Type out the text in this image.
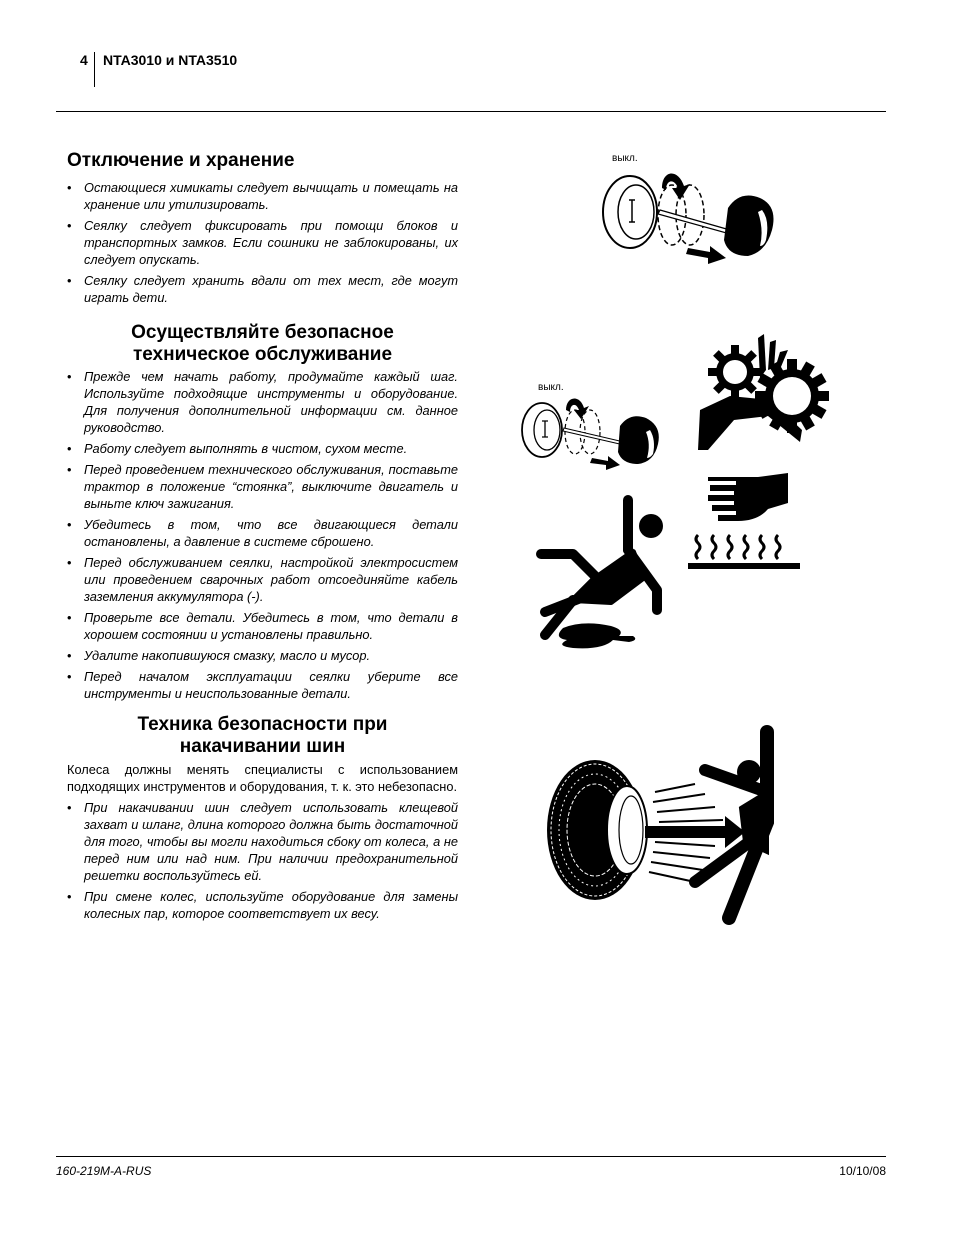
4 NTA3010 и NTA3510
Отключение и хранение
• Остающиеся химикаты следует вычищать и помещать на хранение или утилизировать.
• Сеялку следует фиксировать при помощи блоков и транспортных замков. Если сошники не заблокированы, их следует опускать.
• Сеялку следует хранить вдали от тех мест, где могут играть дети.
Осуществляйте безопасное
техническое обслуживание
• Прежде чем начать работу, продумайте каждый шаг. Используйте подходящие инструменты и оборудование. Для получения дополнительной информации см. данное руководство.
• Работу следует выполнять в чистом, сухом месте.
• Перед проведением технического обслуживания, поставьте трактор в положение “стоянка”, выключите двигатель и выньте ключ зажигания.
• Убедитесь в том, что все двигающиеся детали остановлены, а давление в системе сброшено.
• Перед обслуживанием сеялки, настройкой электросистем или проведением сварочных работ отсоединяйте кабель заземления аккумулятора (-).
• Проверьте все детали. Убедитесь в том, что детали в хорошем состоянии и установлены правильно.
• Удалите накопившуюся смазку, масло и мусор.
• Перед началом эксплуатации сеялки уберите все инструменты и неиспользованные детали.
Техника безопасности при
накачивании шин

Колеса должны менять специалисты с использованием подходящих инструментов и оборудования, т. к. это небезопасно.

• При накачивании шин следует использовать клещевой захват и шланг, длина которого должна быть достаточной для того, чтобы вы могли находиться сбоку от колеса, а не перед ним или над ним. При наличии предохранительной решетки воспользуйтесь ей.
• При смене колес, используйте оборудование для замены колесных пар, которое соответствует их весу.
выкл.
выкл.
160-219M-A-RUS	10/10/08
